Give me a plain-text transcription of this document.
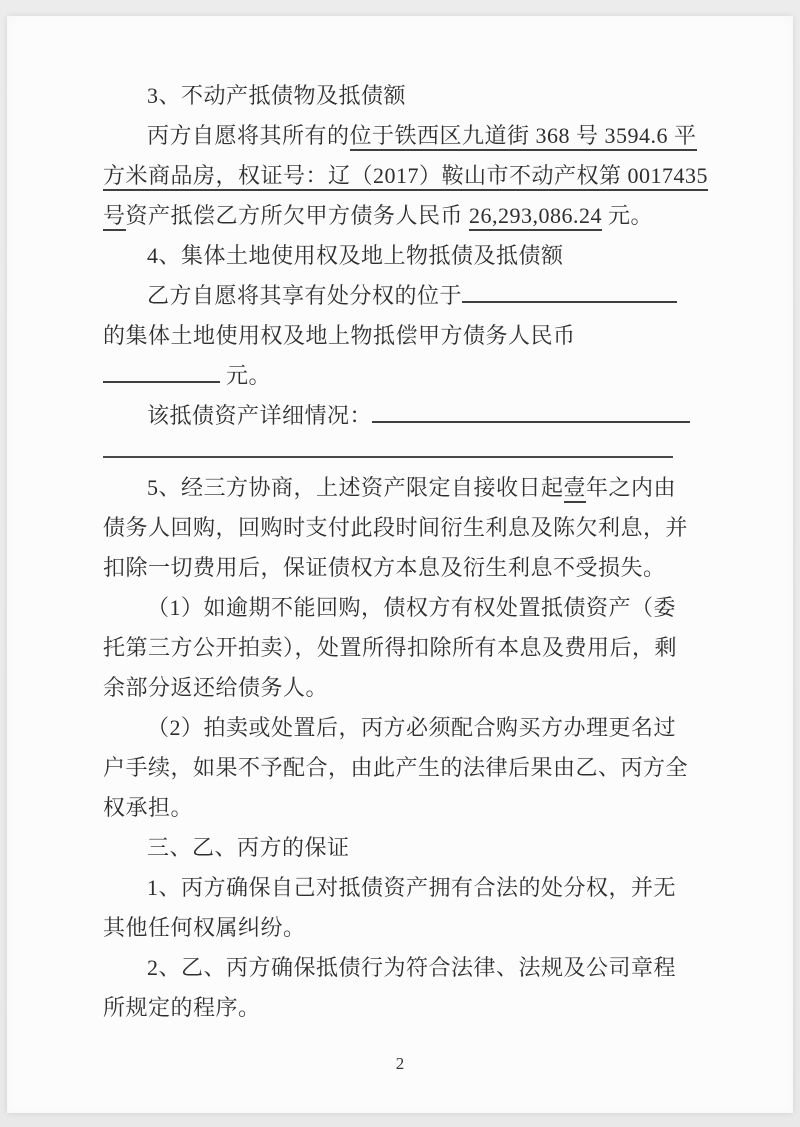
3、不动产抵债物及抵债额
丙方自愿将其所有的位于铁西区九道街 368 号 3594.6 平
方米商品房，权证号：辽（2017）鞍山市不动产权第 0017435
号资产抵偿乙方所欠甲方债务人民币 26,293,086.24 元。
4、集体土地使用权及地上物抵债及抵债额
乙方自愿将其享有处分权的位于
的集体土地使用权及地上物抵偿甲方债务人民币
元。
该抵债资产详细情况：
5、经三方协商，上述资产限定自接收日起壹年之内由
债务人回购，回购时支付此段时间衍生利息及陈欠利息，并
扣除一切费用后，保证债权方本息及衍生利息不受损失。
（1）如逾期不能回购，债权方有权处置抵债资产（委
托第三方公开拍卖），处置所得扣除所有本息及费用后，剩
余部分返还给债务人。
（2）拍卖或处置后，丙方必须配合购买方办理更名过
户手续，如果不予配合，由此产生的法律后果由乙、丙方全
权承担。
三、乙、丙方的保证
1、丙方确保自己对抵债资产拥有合法的处分权，并无
其他任何权属纠纷。
2、乙、丙方确保抵债行为符合法律、法规及公司章程
所规定的程序。
2
